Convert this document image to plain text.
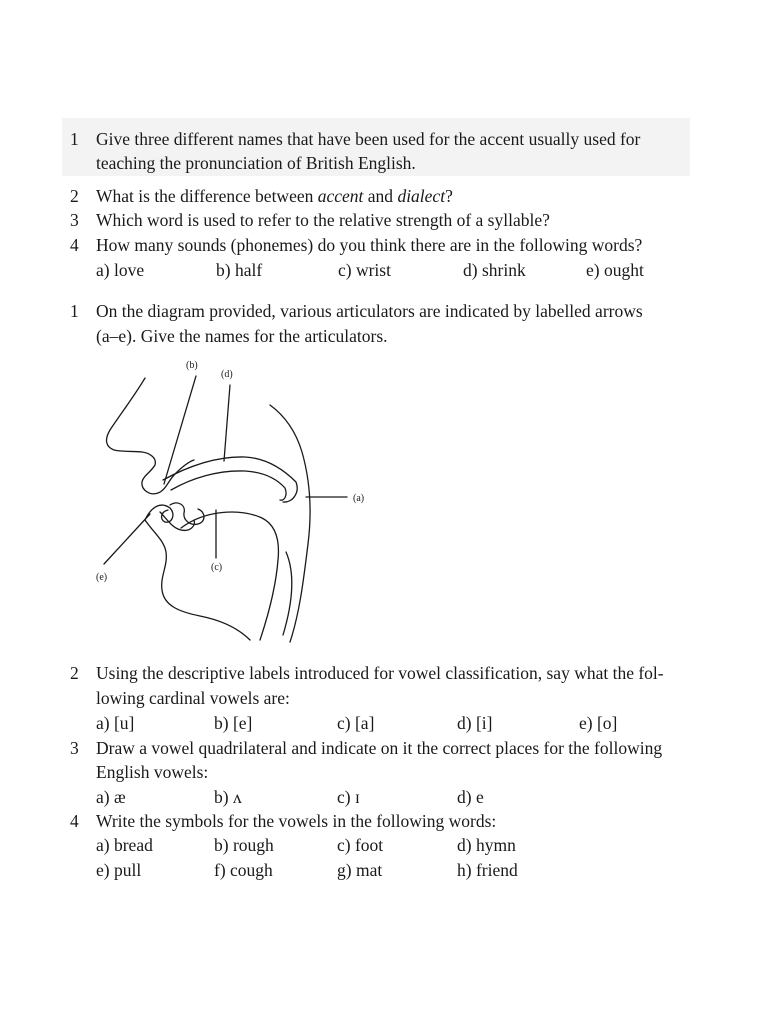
1 Give three different names that have been used for the accent usually used for
teaching the pronunciation of British English.
2 What is the difference between accent and dialect?
3 Which word is used to refer to the relative strength of a syllable?
4 How many sounds (phonemes) do you think there are in the following words?
a) love	b) half	c) wrist	d) shrink	e) ought
1 On the diagram provided, various articulators are indicated by labelled arrows
(a–e). Give the names for the articulators.
(b)
(d)
(a)
(c)
(e)
2 Using the descriptive labels introduced for vowel classification, say what the fol-
lowing cardinal vowels are:
a) [u]	b) [e]	c) [a]	d) [i]	e) [o]
3 Draw a vowel quadrilateral and indicate on it the correct places for the following
English vowels:
a) æ	b) ʌ	c) ɪ	d) e
4 Write the symbols for the vowels in the following words:
a) bread	b) rough	c) foot	d) hymn
e) pull	f) cough	g) mat	h) friend
